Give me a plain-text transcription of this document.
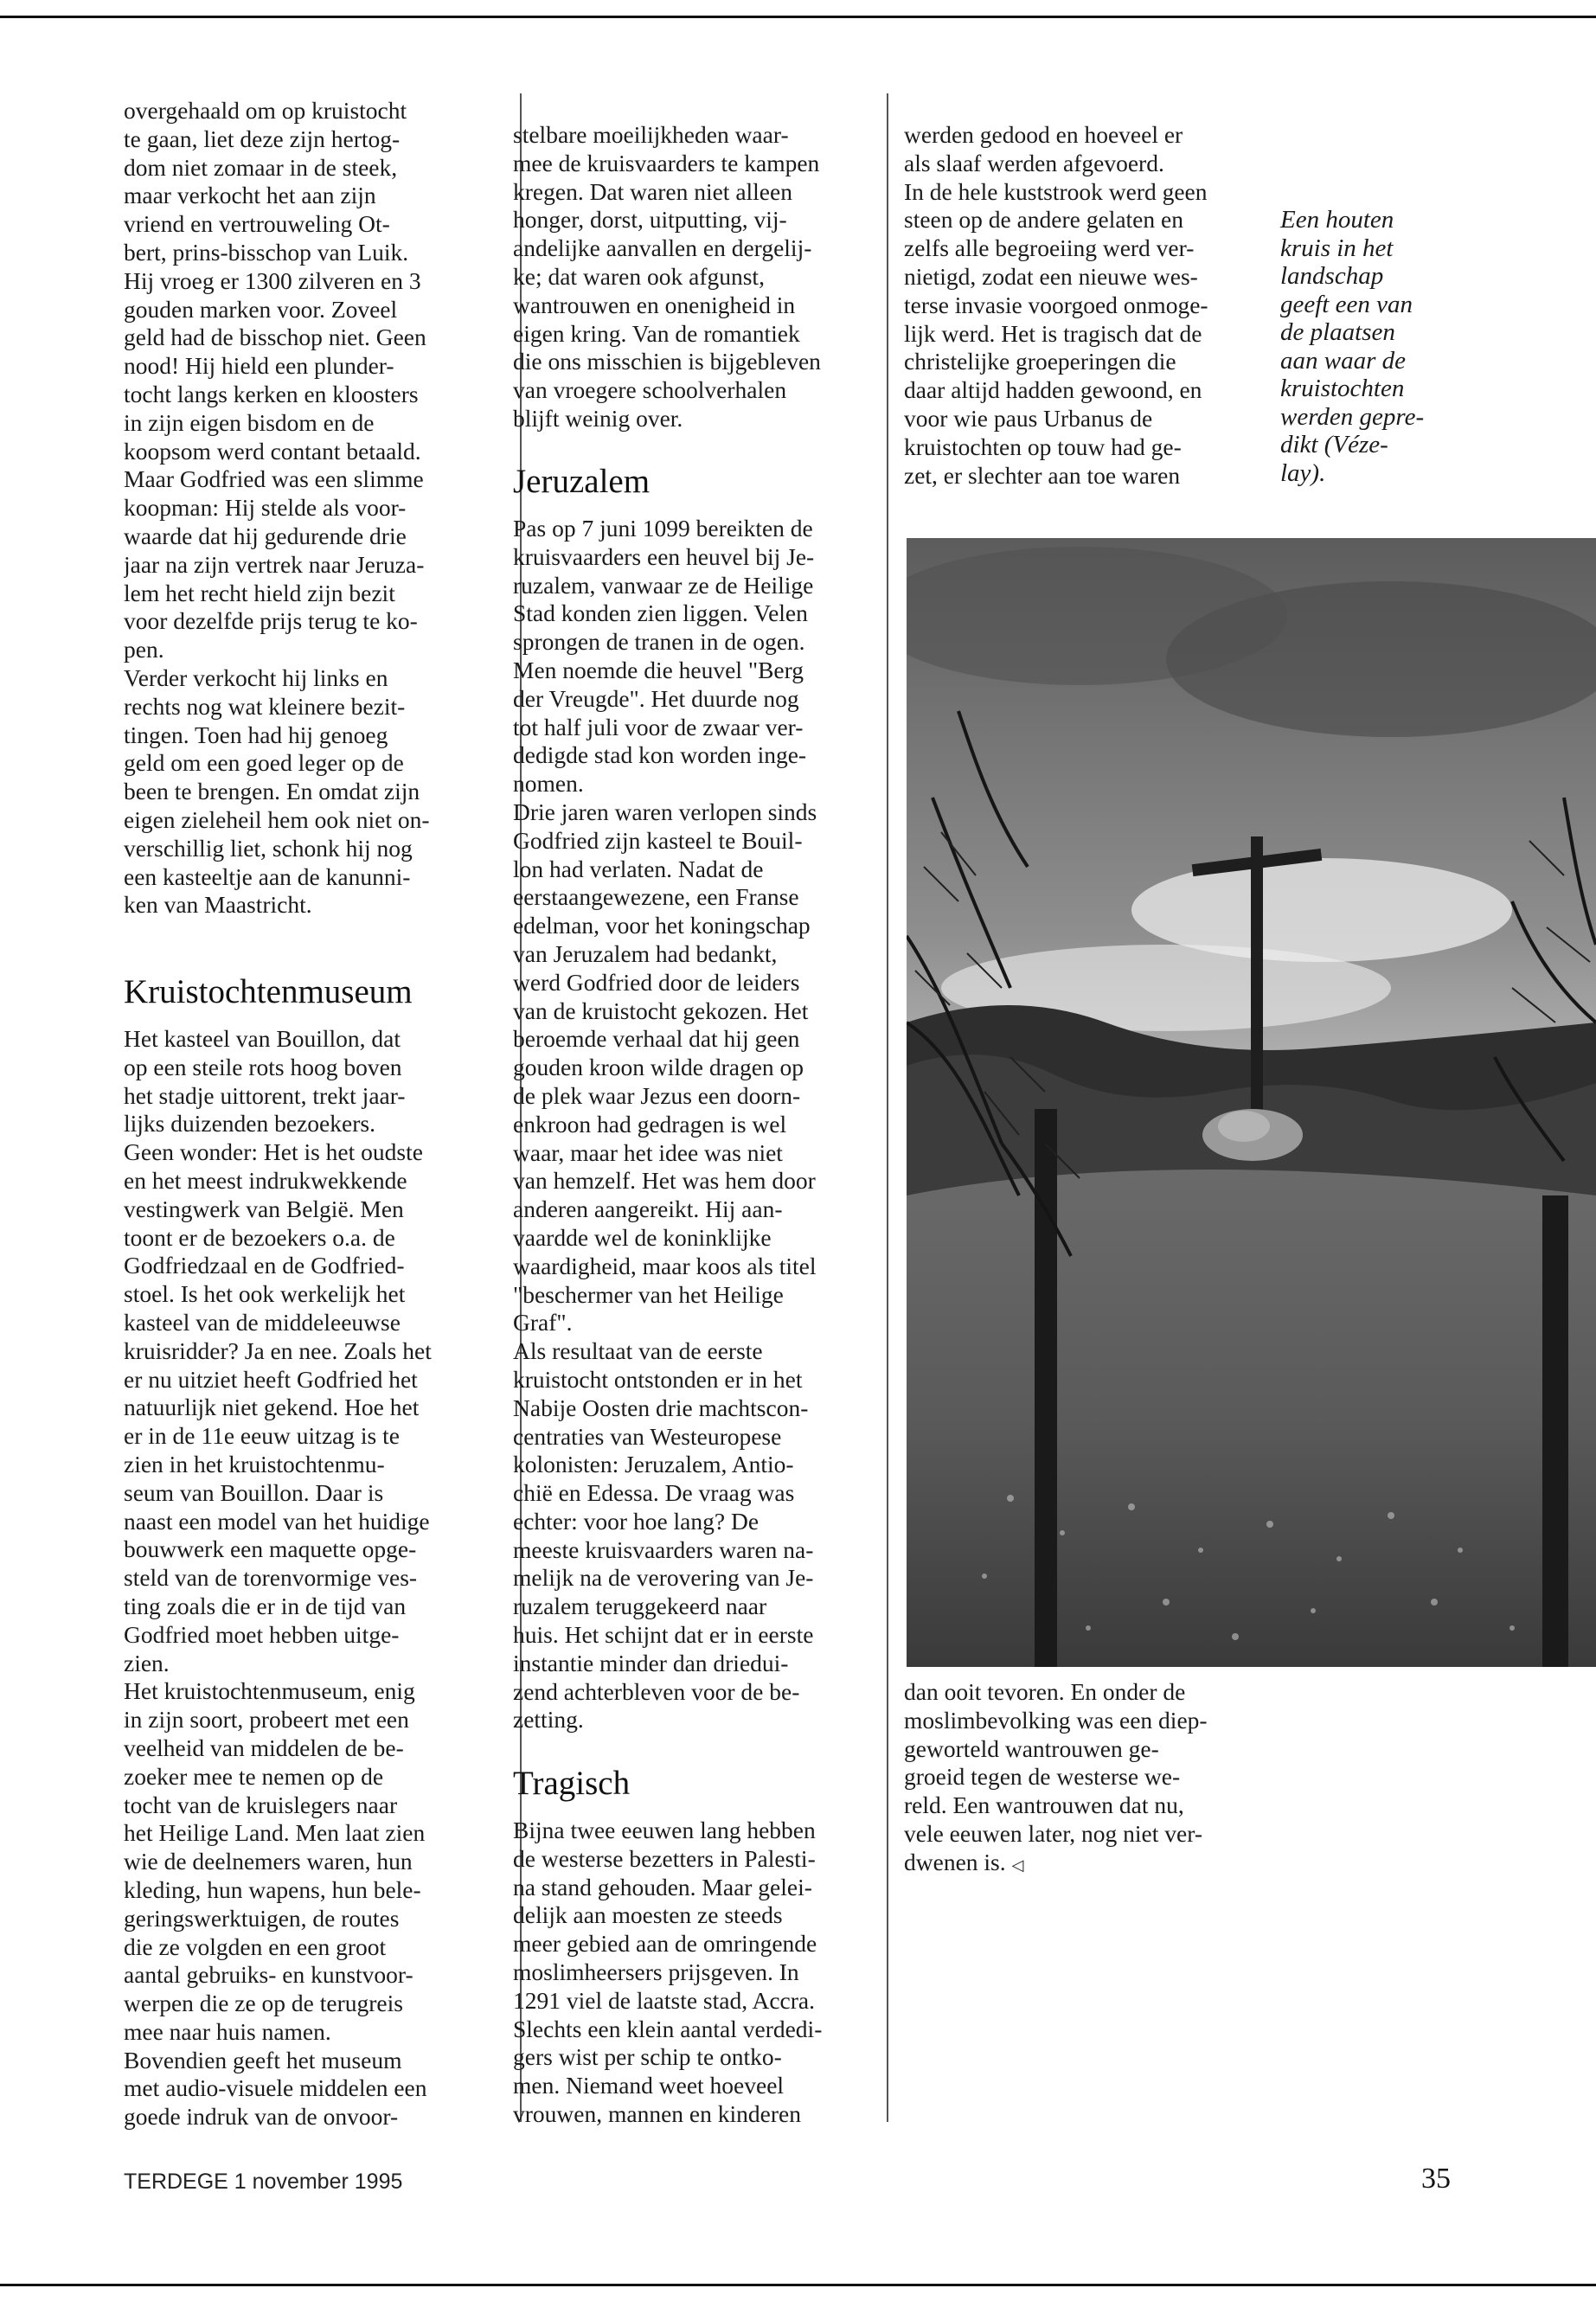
overgehaald om op kruistocht
te gaan, liet deze zijn hertog-
dom niet zomaar in de steek,
maar verkocht het aan zijn
vriend en vertrouweling Ot-
bert, prins-bisschop van Luik.
Hij vroeg er 1300 zilveren en 3
gouden marken voor. Zoveel
geld had de bisschop niet. Geen
nood! Hij hield een plunder-
tocht langs kerken en kloosters
in zijn eigen bisdom en de
koopsom werd contant betaald.
Maar Godfried was een slimme
koopman: Hij stelde als voor-
waarde dat hij gedurende drie
jaar na zijn vertrek naar Jeruza-
lem het recht hield zijn bezit
voor dezelfde prijs terug te ko-
pen.
Verder verkocht hij links en
rechts nog wat kleinere bezit-
tingen. Toen had hij genoeg
geld om een goed leger op de
been te brengen. En omdat zijn
eigen zieleheil hem ook niet on-
verschillig liet, schonk hij nog
een kasteeltje aan de kanunni-
ken van Maastricht.
Kruistochtenmuseum
Het kasteel van Bouillon, dat
op een steile rots hoog boven
het stadje uittorent, trekt jaar-
lijks duizenden bezoekers.
Geen wonder: Het is het oudste
en het meest indrukwekkende
vestingwerk van België. Men
toont er de bezoekers o.a. de
Godfriedzaal en de Godfried-
stoel. Is het ook werkelijk het
kasteel van de middeleeuwse
kruisridder? Ja en nee. Zoals het
er nu uitziet heeft Godfried het
natuurlijk niet gekend. Hoe het
er in de 11e eeuw uitzag is te
zien in het kruistochtenmu-
seum van Bouillon. Daar is
naast een model van het huidige
bouwwerk een maquette opge-
steld van de torenvormige ves-
ting zoals die er in de tijd van
Godfried moet hebben uitge-
zien.
Het kruistochtenmuseum, enig
in zijn soort, probeert met een
veelheid van middelen de be-
zoeker mee te nemen op de
tocht van de kruislegers naar
het Heilige Land. Men laat zien
wie de deelnemers waren, hun
kleding, hun wapens, hun bele-
geringswerktuigen, de routes
die ze volgden en een groot
aantal gebruiks- en kunstvoor-
werpen die ze op de terugreis
mee naar huis namen.
Bovendien geeft het museum
met audio-visuele middelen een
goede indruk van de onvoor-
stelbare moeilijkheden waar-
mee de kruisvaarders te kampen
kregen. Dat waren niet alleen
honger, dorst, uitputting, vij-
andelijke aanvallen en dergelij-
ke; dat waren ook afgunst,
wantrouwen en onenigheid in
eigen kring. Van de romantiek
die ons misschien is bijgebleven
van vroegere schoolverhalen
blijft weinig over.
Jeruzalem
Pas op 7 juni 1099 bereikten de
kruisvaarders een heuvel bij Je-
ruzalem, vanwaar ze de Heilige
Stad konden zien liggen. Velen
sprongen de tranen in de ogen.
Men noemde die heuvel "Berg
der Vreugde". Het duurde nog
tot half juli voor de zwaar ver-
dedigde stad kon worden inge-
nomen.
Drie jaren waren verlopen sinds
Godfried zijn kasteel te Bouil-
lon had verlaten. Nadat de
eerstaangewezene, een Franse
edelman, voor het koningschap
van Jeruzalem had bedankt,
werd Godfried door de leiders
van de kruistocht gekozen. Het
beroemde verhaal dat hij geen
gouden kroon wilde dragen op
de plek waar Jezus een doorn-
enkroon had gedragen is wel
waar, maar het idee was niet
van hemzelf. Het was hem door
anderen aangereikt. Hij aan-
vaardde wel de koninklijke
waardigheid, maar koos als titel
"beschermer van het Heilige
Graf".
Als resultaat van de eerste
kruistocht ontstonden er in het
Nabije Oosten drie machtscon-
centraties van Westeuropese
kolonisten: Jeruzalem, Antio-
chië en Edessa. De vraag was
echter: voor hoe lang? De
meeste kruisvaarders waren na-
melijk na de verovering van Je-
ruzalem teruggekeerd naar
huis. Het schijnt dat er in eerste
instantie minder dan driedui-
zend achterbleven voor de be-
zetting.
Tragisch
Bijna twee eeuwen lang hebben
de westerse bezetters in Palesti-
na stand gehouden. Maar gelei-
delijk aan moesten ze steeds
meer gebied aan de omringende
moslimheersers prijsgeven. In
1291 viel de laatste stad, Accra.
Slechts een klein aantal verdedi-
gers wist per schip te ontko-
men. Niemand weet hoeveel
vrouwen, mannen en kinderen
werden gedood en hoeveel er
als slaaf werden afgevoerd.
In de hele kuststrook werd geen
steen op de andere gelaten en
zelfs alle begroeiing werd ver-
nietigd, zodat een nieuwe wes-
terse invasie voorgoed onmoge-
lijk werd. Het is tragisch dat de
christelijke groeperingen die
daar altijd hadden gewoond, en
voor wie paus Urbanus de
kruistochten op touw had ge-
zet, er slechter aan toe waren
Een houten
kruis in het
landschap
geeft een van
de plaatsen
aan waar de
kruistochten
werden gepre-
dikt (Véze-
lay).
dan ooit tevoren. En onder de
moslimbevolking was een diep-
geworteld wantrouwen ge-
groeid tegen de westerse we-
reld. Een wantrouwen dat nu,
vele eeuwen later, nog niet ver-
dwenen is. ◁
TERDEGE 1 november 1995	35
